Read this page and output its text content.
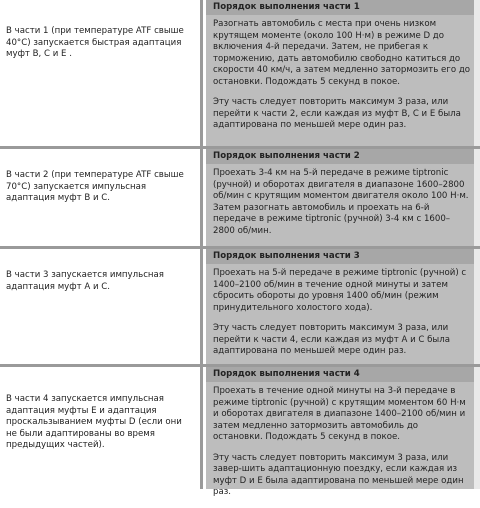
В части 1 (при температуре ATF свыше 40°C) запускается быстрая адаптация муфт B, C и E .
Порядок выполнения части 1

Разогнать автомобиль с места при очень низком крутящем моменте (около 100 Н·м) в режиме D до включения 4-й передачи. Затем, не прибегая к торможению, дать автомобилю свободно катиться до скорости 40 км/ч, а затем медленно затормозить его до остановки. Подождать 5 секунд в покое.

Эту часть следует повторить максимум 3 раза, или перейти к части 2, если каждая из муфт B, C и E была адаптирована по меньшей мере один раз.

В части 2 (при температуре ATF свыше 70°C) запускается импульсная адаптация муфт B и C.
Порядок выполнения части 2

Проехать 3-4 км на 5-й передаче в режиме tiptronic (ручной) и оборотах двигателя в диапазоне 1600–2800 об/мин с крутящим моментом двигателя около 100 Н·м. Затем разогнать автомобиль и проехать на 6-й передаче в режиме tiptronic (ручной) 3-4 км с 1600–2800 об/мин.

В части 3 запускается импульсная адаптация муфт А и С.
Порядок выполнения части 3

Проехать на 5-й передаче в режиме tiptronic (ручной) с 1400–2100 об/мин в течение одной минуты и затем сбросить обороты до уровня 1400 об/мин (режим принудительного холостого хода).

Эту часть следует повторить максимум 3 раза, или перейти к части 4, если каждая из муфт А и С была адаптирована по меньшей мере один раз.

В части 4 запускается импульсная адаптация муфты Е и адаптация проскальзыванием муфты D (если они не были адаптированы во время предыдущих частей).
Порядок выполнения части 4

Проехать в течение одной минуты на 3-й передаче в режиме tiptronic (ручной) с крутящим моментом 60 Н·м и оборотах двигателя в диапазоне 1400–2100 об/мин и затем медленно затормозить автомобиль до остановки. Подождать 5 секунд в покое.

Эту часть следует повторить максимум 3 раза, или завер-шить адаптационную поездку, если каждая из муфт D и E была адаптирована по меньшей мере один раз.
